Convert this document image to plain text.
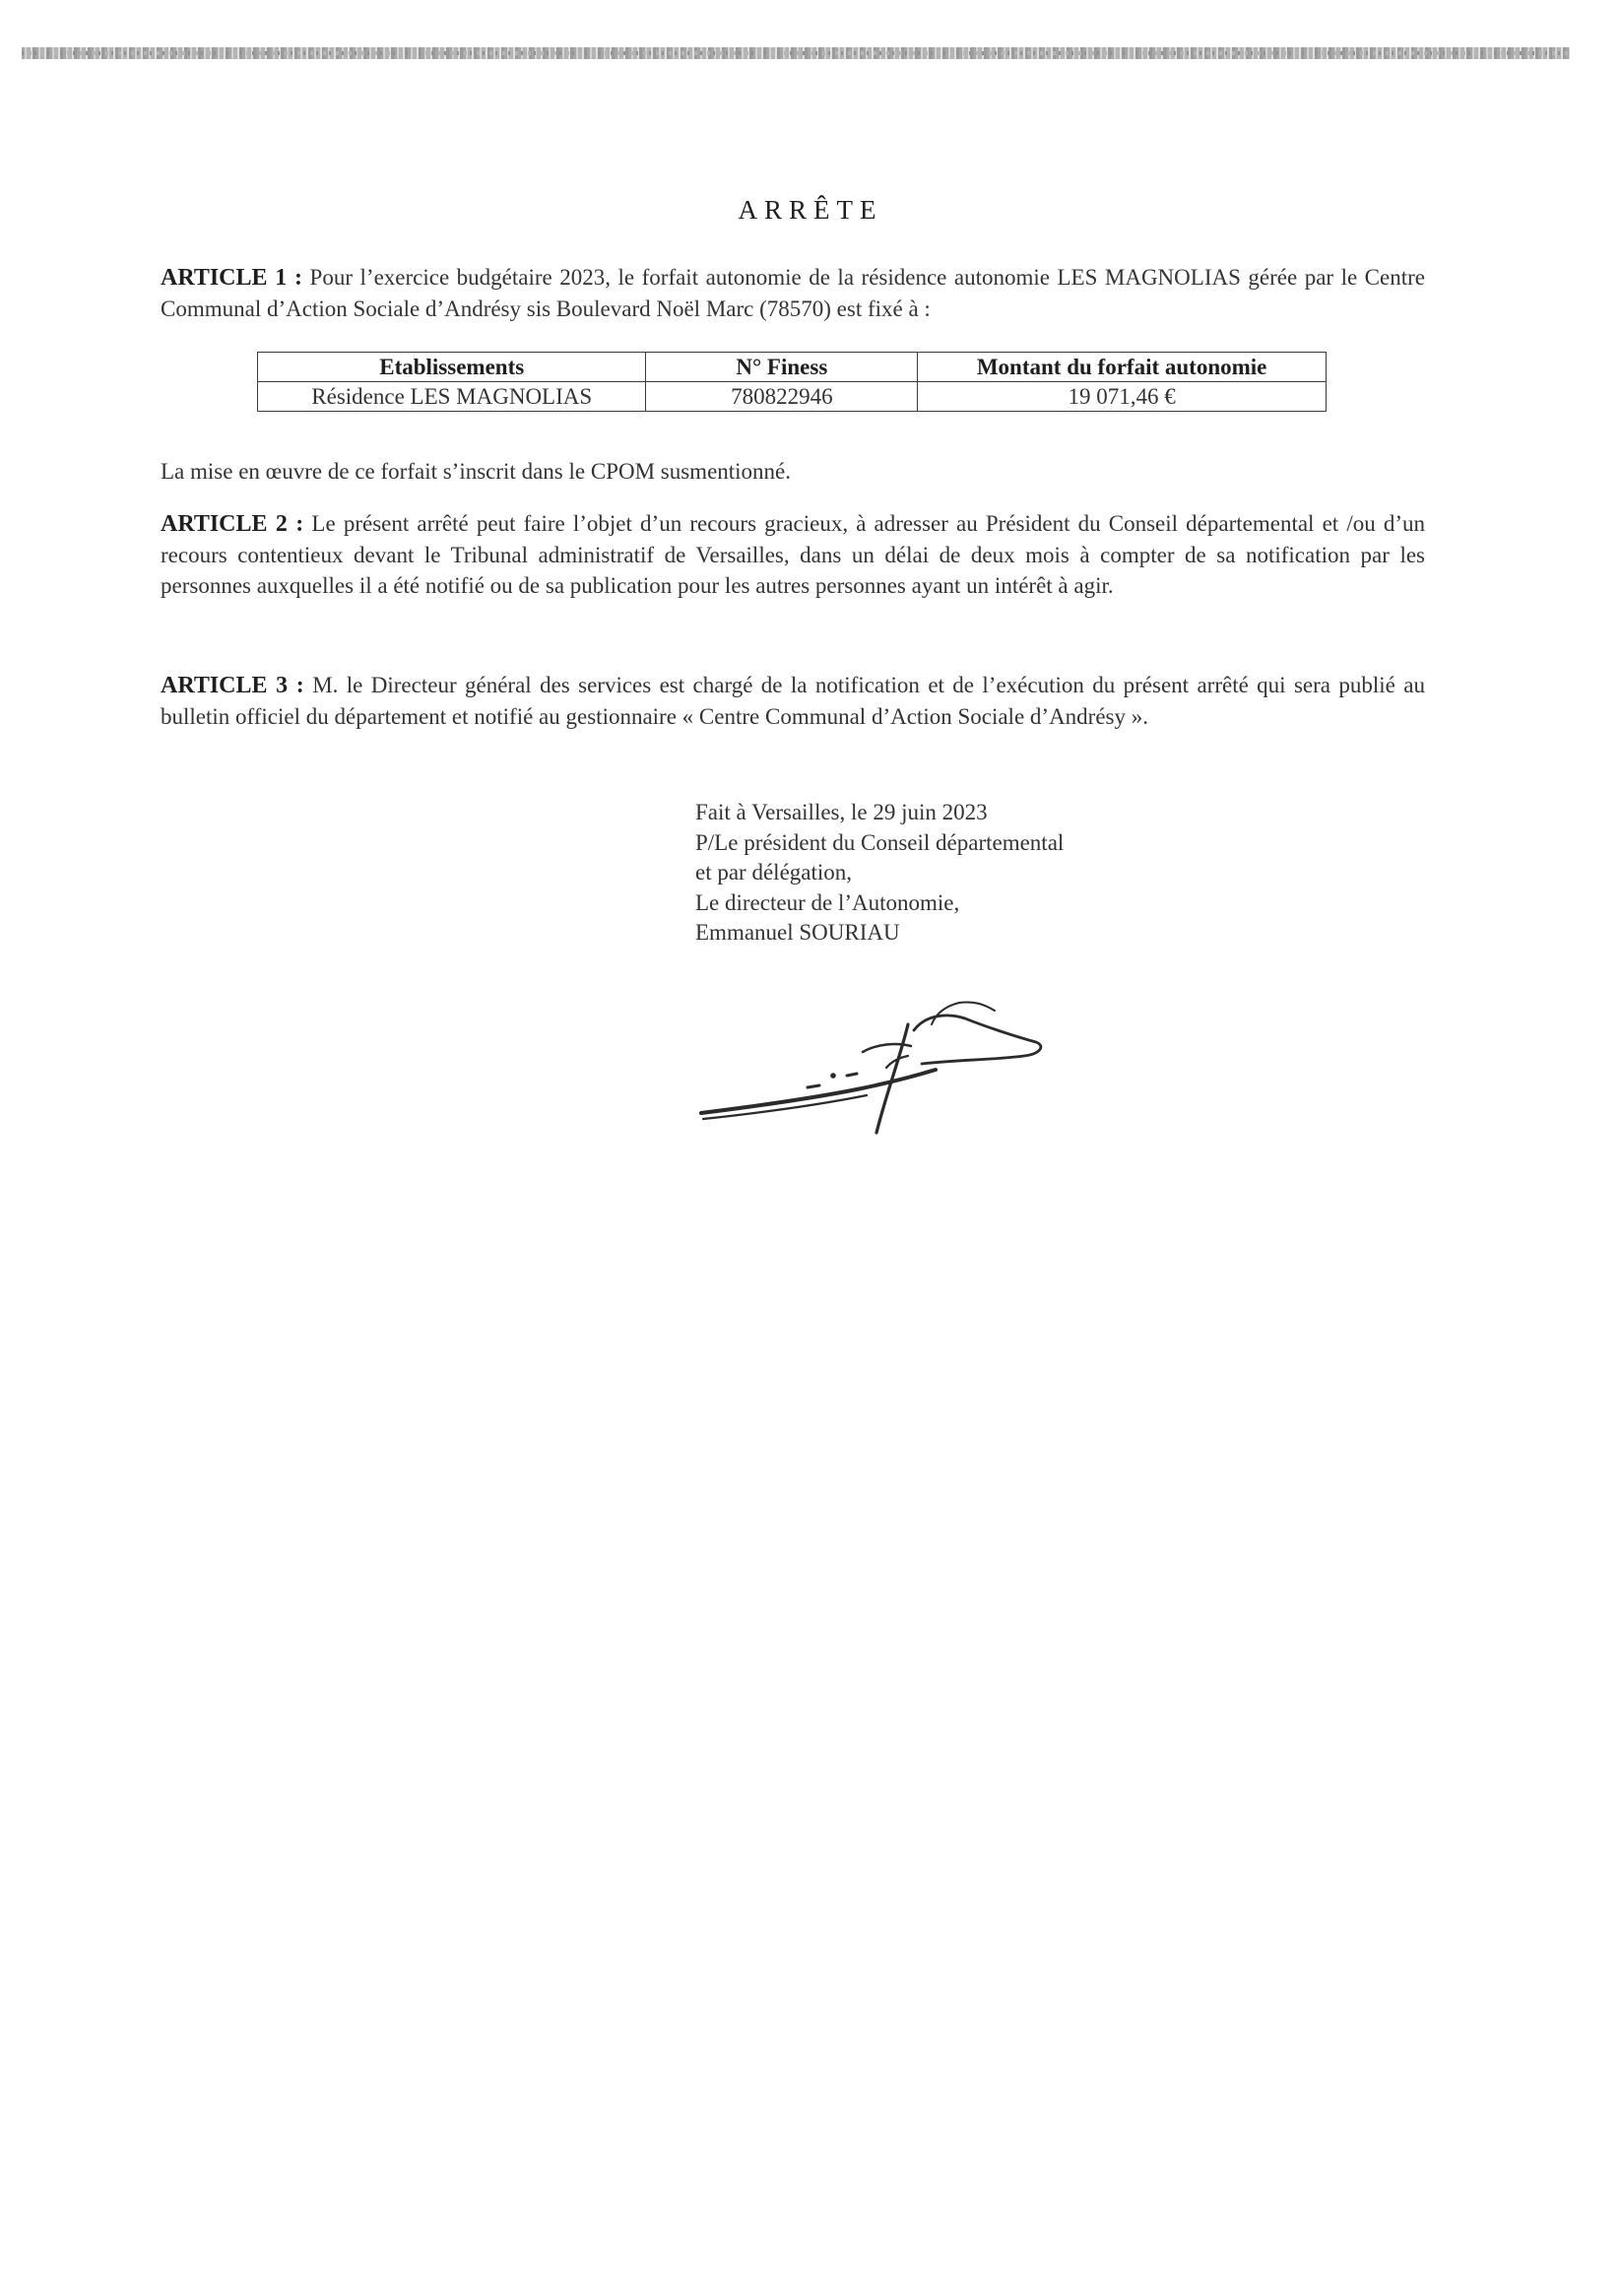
ARRÊTE
ARTICLE 1 : Pour l’exercice budgétaire 2023, le forfait autonomie de la résidence autonomie LES MAGNOLIAS gérée par le Centre Communal d’Action Sociale d’Andrésy sis Boulevard Noël Marc (78570) est fixé à :
Etablissements	N° Finess	Montant du forfait autonomie
Résidence LES MAGNOLIAS	780822946	19 071,46 €
La mise en œuvre de ce forfait s’inscrit dans le CPOM susmentionné.
ARTICLE 2 : Le présent arrêté peut faire l’objet d’un recours gracieux, à adresser au Président du Conseil départemental et /ou d’un recours contentieux devant le Tribunal administratif de Versailles, dans un délai de deux mois à compter de sa notification par les personnes auxquelles il a été notifié ou de sa publication pour les autres personnes ayant un intérêt à agir.
ARTICLE 3 : M. le Directeur général des services est chargé de la notification et de l’exécution du présent arrêté qui sera publié au bulletin officiel du département et notifié au gestionnaire « Centre Communal d’Action Sociale d’Andrésy ».
Fait à Versailles, le 29 juin 2023
P/Le président du Conseil départemental
et par délégation,
Le directeur de l’Autonomie,
Emmanuel SOURIAU
